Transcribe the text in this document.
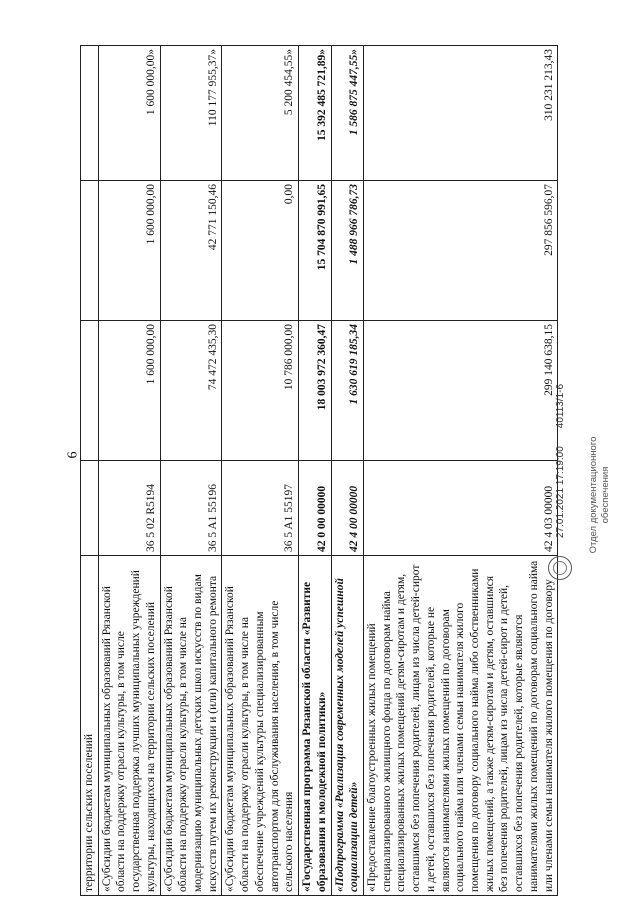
6
территории сельских поселений				
«Субсидии бюджетам муниципальных образований Рязанской области на поддержку отрасли культуры, в том числе государственная поддержка лучших муниципальных учреждений культуры, находящихся на территории сельских поселений	36 5 02 R5194	1 600 000,00	1 600 000,00	1 600 000,00»
«Субсидии бюджетам муниципальных образований Рязанской области на поддержку отрасли культуры, в том числе на модернизацию муниципальных детских школ искусств по видам искусств путем их реконструкции и (или) капитального ремонта	36 5 A1 55196	74 472 435,30	42 771 150,46	110 177 955,37»
«Субсидии бюджетам муниципальных образований Рязанской области на поддержку отрасли культуры, в том числе на обеспечение учреждений культуры специализированным автотранспортом для обслуживания населения, в том числе сельского населения	36 5 A1 55197	10 786 000,00	0,00	5 200 454,55»
«Государственная программа Рязанской области «Развитие образования и молодежной политики»	42 0 00 00000	18 003 972 360,47	15 704 870 991,65	15 392 485 721,89»
«Подпрограмма «Реализация современных моделей успешной социализации детей»	42 4 00 00000	1 630 619 185,34	1 488 966 786,73	1 586 875 447,55»
«Предоставление благоустроенных жилых помещений специализированного жилищного фонда по договорам найма специализированных жилых помещений детям-сиротам и детям, оставшимся без попечения родителей, лицам из числа детей-сирот и детей, оставшихся без попечения родителей, которые не являются нанимателями жилых помещений по договорам социального найма или членами семьи нанимателя жилого помещения по договору социального найма либо собственниками жилых помещений, а также детям-сиротам и детям, оставшимся без попечения родителей, лицам из числа детей-сирот и детей, оставшихся без попечения родителей, которые являются нанимателями жилых помещений по договорам социального найма или членами семьи нанимателя жилого помещения по договору	42 4 03 00000	299 140 638,15	297 856 596,07	310 231 213,43
Отдел документационного обеспечения
27.01.2021 17:19:00
40113/1-6
